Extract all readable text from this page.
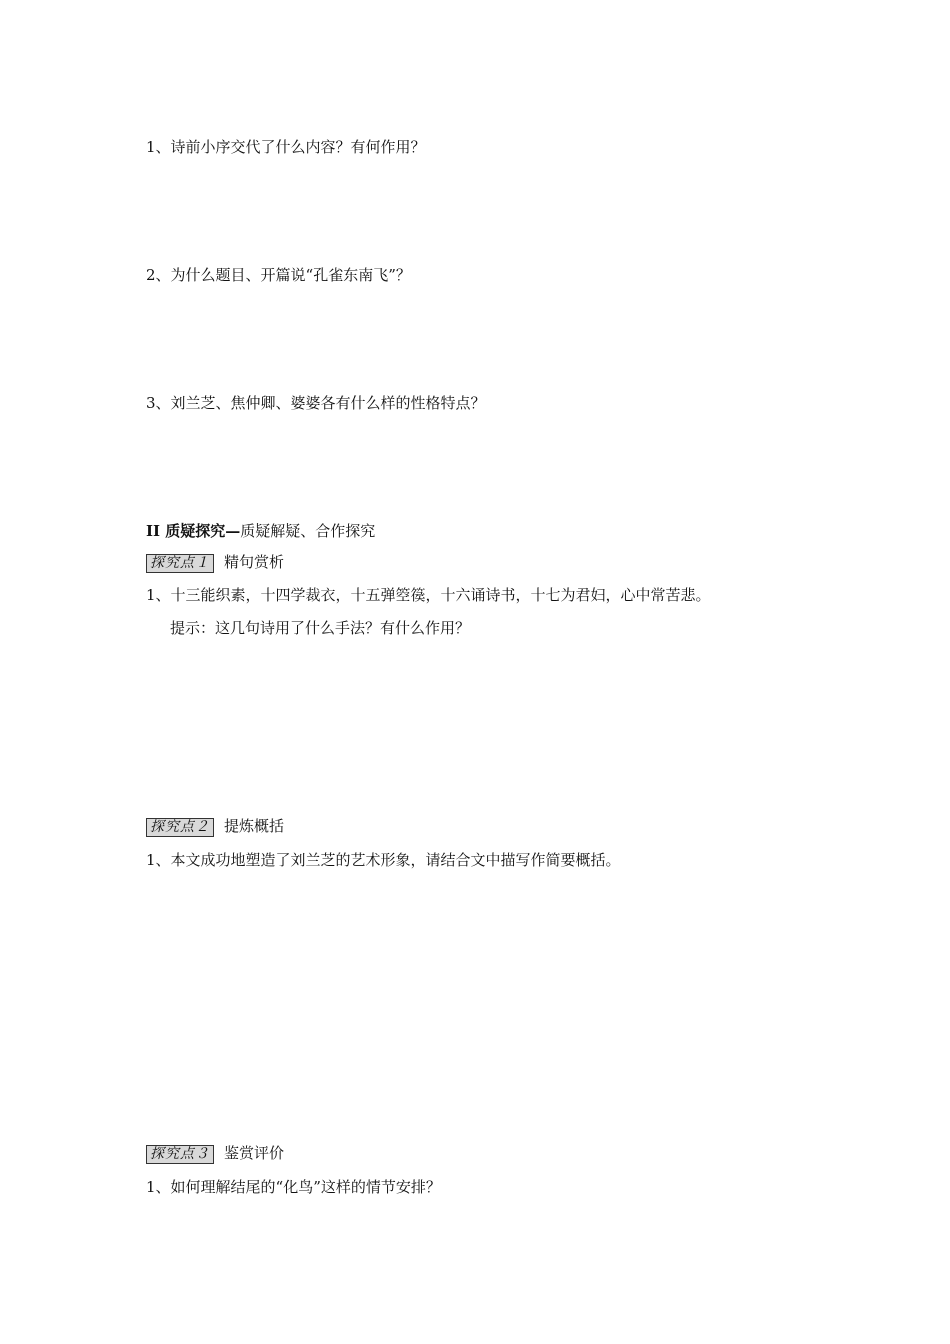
1、诗前小序交代了什么内容？有何作用？
2、为什么题目、开篇说“孔雀东南飞”？
3、刘兰芝、焦仲卿、婆婆各有什么样的性格特点？
II 质疑探究—质疑解疑、合作探究
探究点１ 精句赏析
1、十三能织素，十四学裁衣，十五弹箜篌，十六诵诗书，十七为君妇，心中常苦悲。
提示：这几句诗用了什么手法？有什么作用？
探究点２ 提炼概括
1、本文成功地塑造了刘兰芝的艺术形象，请结合文中描写作简要概括。
探究点３ 鉴赏评价
1、如何理解结尾的“化鸟”这样的情节安排？
